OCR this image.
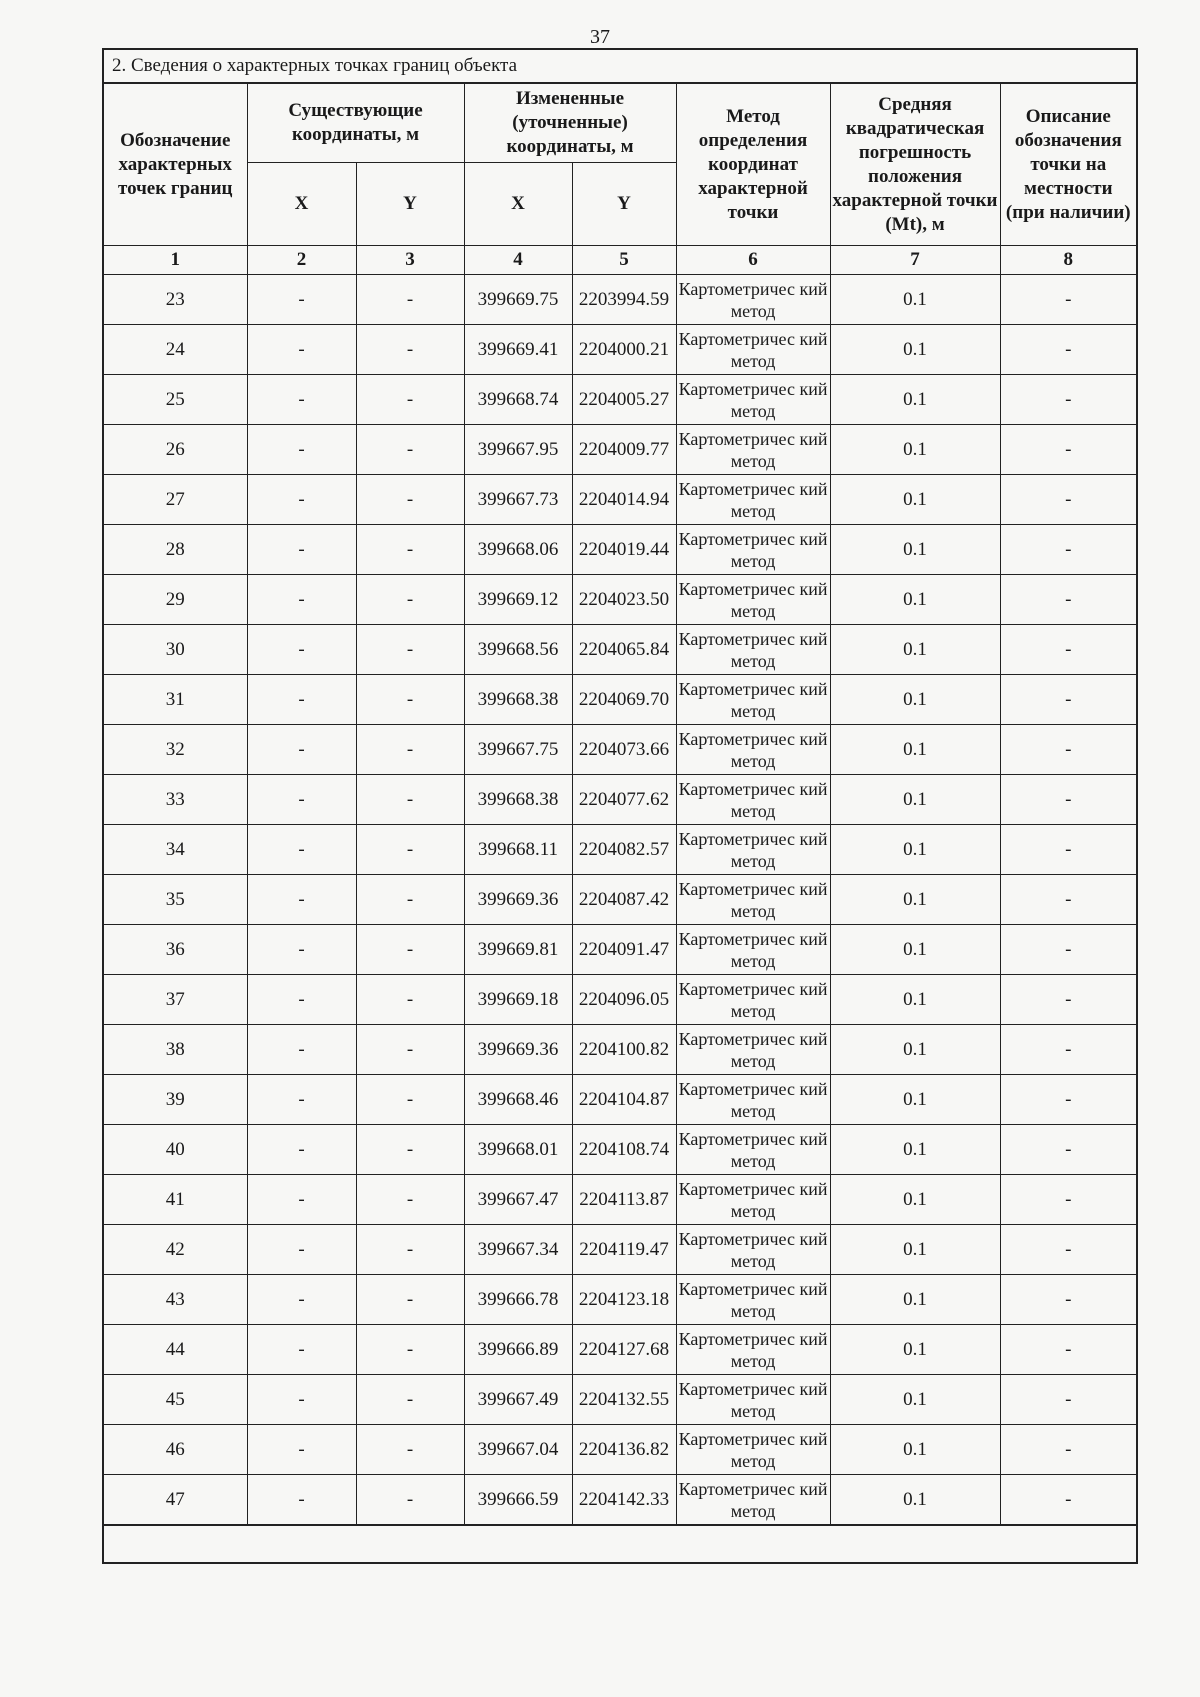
37
2. Сведения о характерных точках границ объекта
Обозначение характерных точек границ	Существующие координаты, м		Измененные (уточненные) координаты, м		Метод определения координат характерной точки	Средняя квадратическая погрешность положения характерной точки (Mt), м	Описание обозначения точки на местности (при наличии)
	X	Y	X	Y			
1	2	3	4	5	6	7	8
23	-	-	399669.75	2203994.59	Картометричес кий метод	0.1	-
24	-	-	399669.41	2204000.21	Картометричес кий метод	0.1	-
25	-	-	399668.74	2204005.27	Картометричес кий метод	0.1	-
26	-	-	399667.95	2204009.77	Картометричес кий метод	0.1	-
27	-	-	399667.73	2204014.94	Картометричес кий метод	0.1	-
28	-	-	399668.06	2204019.44	Картометричес кий метод	0.1	-
29	-	-	399669.12	2204023.50	Картометричес кий метод	0.1	-
30	-	-	399668.56	2204065.84	Картометричес кий метод	0.1	-
31	-	-	399668.38	2204069.70	Картометричес кий метод	0.1	-
32	-	-	399667.75	2204073.66	Картометричес кий метод	0.1	-
33	-	-	399668.38	2204077.62	Картометричес кий метод	0.1	-
34	-	-	399668.11	2204082.57	Картометричес кий метод	0.1	-
35	-	-	399669.36	2204087.42	Картометричес кий метод	0.1	-
36	-	-	399669.81	2204091.47	Картометричес кий метод	0.1	-
37	-	-	399669.18	2204096.05	Картометричес кий метод	0.1	-
38	-	-	399669.36	2204100.82	Картометричес кий метод	0.1	-
39	-	-	399668.46	2204104.87	Картометричес кий метод	0.1	-
40	-	-	399668.01	2204108.74	Картометричес кий метод	0.1	-
41	-	-	399667.47	2204113.87	Картометричес кий метод	0.1	-
42	-	-	399667.34	2204119.47	Картометричес кий метод	0.1	-
43	-	-	399666.78	2204123.18	Картометричес кий метод	0.1	-
44	-	-	399666.89	2204127.68	Картометричес кий метод	0.1	-
45	-	-	399667.49	2204132.55	Картометричес кий метод	0.1	-
46	-	-	399667.04	2204136.82	Картометричес кий метод	0.1	-
47	-	-	399666.59	2204142.33	Картометричес кий метод	0.1	-
